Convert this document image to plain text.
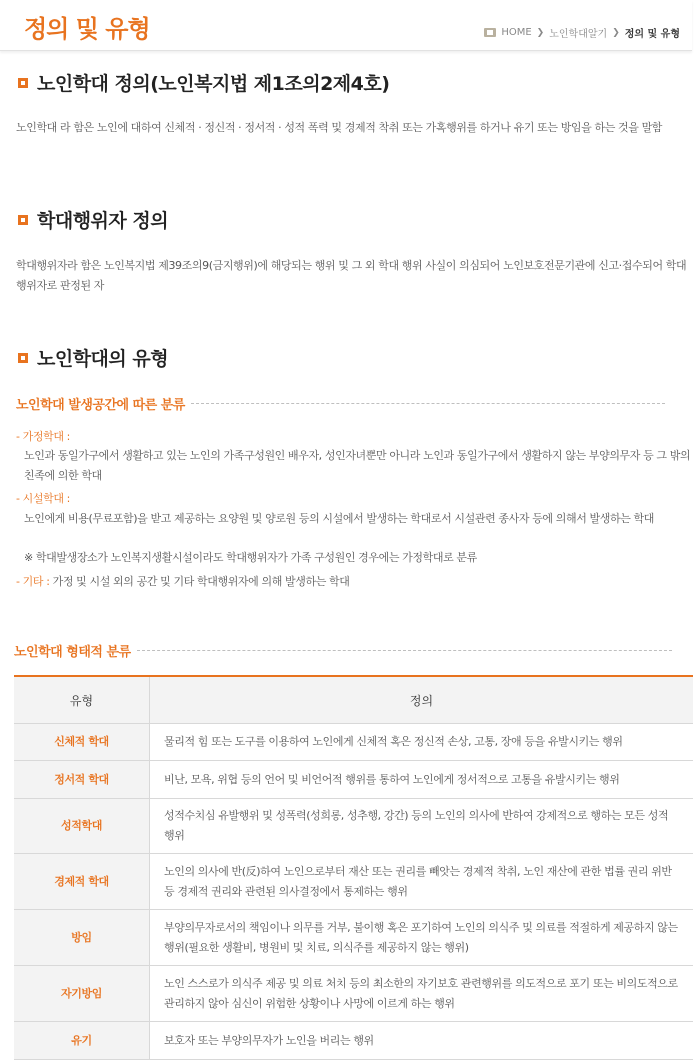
정의 및 유형	HOME ❯ 노인학대알기 ❯ 정의 및 유형
노인학대 정의(노인복지법 제1조의2제4호)
노인학대 라 함은 노인에 대하여 신체적 · 정신적 · 정서적 · 성적 폭력 및 경제적 착취 또는 가혹행위를 하거나 유기 또는 방임을 하는 것을 말함
학대행위자 정의
학대행위자라 함은 노인복지법 제39조의9(금지행위)에 해당되는 행위 및 그 외 학대 행위 사실이 의심되어 노인보호전문기관에 신고·접수되어 학대행위자로 판정된 자
노인학대의 유형
노인학대 발생공간에 따른 분류
- 가정학대 :
노인과 동일가구에서 생활하고 있는 노인의 가족구성원인 배우자, 성인자녀뿐만 아니라 노인과 동일가구에서 생활하지 않는 부양의무자 등 그 밖의 친족에 의한 학대
- 시설학대 :
노인에게 비용(무료포함)을 받고 제공하는 요양원 및 양로원 등의 시설에서 발생하는 학대로서 시설관련 종사자 등에 의해서 발생하는 학대
※ 학대발생장소가 노인복지생활시설이라도 학대행위자가 가족 구성원인 경우에는 가정학대로 분류
- 기타 : 가정 및 시설 외의 공간 및 기타 학대행위자에 의해 발생하는 학대
노인학대 형태적 분류
유형	정의
신체적 학대	물리적 힘 또는 도구를 이용하여 노인에게 신체적 혹은 정신적 손상, 고통, 장애 등을 유발시키는 행위
정서적 학대	비난, 모욕, 위협 등의 언어 및 비언어적 행위를 통하여 노인에게 정서적으로 고통을 유발시키는 행위
성적학대	성적수치심 유발행위 및 성폭력(성희롱, 성추행, 강간) 등의 노인의 의사에 반하여 강제적으로 행하는 모든 성적 행위
경제적 학대	노인의 의사에 반(反)하여 노인으로부터 재산 또는 권리를 빼앗는 경제적 착취, 노인 재산에 관한 법률 권리 위반 등 경제적 권리와 관련된 의사결정에서 통제하는 행위
방임	부양의무자로서의 책임이나 의무를 거부, 불이행 혹은 포기하여 노인의 의식주 및 의료를 적절하게 제공하지 않는 행위(필요한 생활비, 병원비 및 치료, 의식주를 제공하지 않는 행위)
자기방임	노인 스스로가 의식주 제공 및 의료 처치 등의 최소한의 자기보호 관련행위를 의도적으로 포기 또는 비의도적으로 관리하지 않아 심신이 위험한 상황이나 사망에 이르게 하는 행위
유기	보호자 또는 부양의무자가 노인을 버리는 행위
